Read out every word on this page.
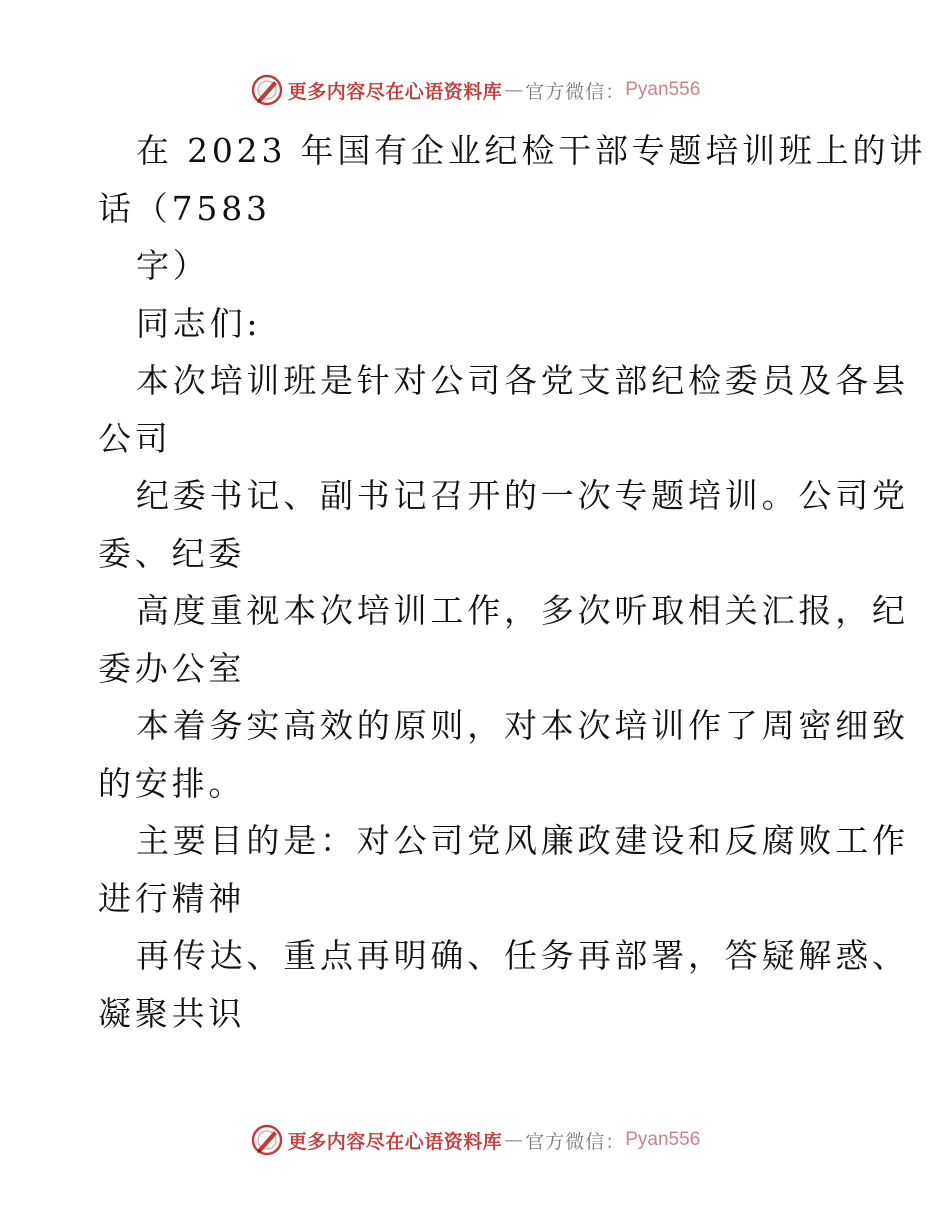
更多内容尽在心语资料库 — 官方微信： Pyan556
在 2023 年国有企业纪检干部专题培训班上的讲
话（7583
字）
同志们:
本次培训班是针对公司各党支部纪检委员及各县
公司
纪委书记、副书记召开的一次专题培训。公司党
委、纪委
高度重视本次培训工作，多次听取相关汇报，纪
委办公室
本着务实高效的原则，对本次培训作了周密细致
的安排。
主要目的是：对公司党风廉政建设和反腐败工作
进行精神
再传达、重点再明确、任务再部署，答疑解惑、
凝聚共识
更多内容尽在心语资料库 — 官方微信： Pyan556
